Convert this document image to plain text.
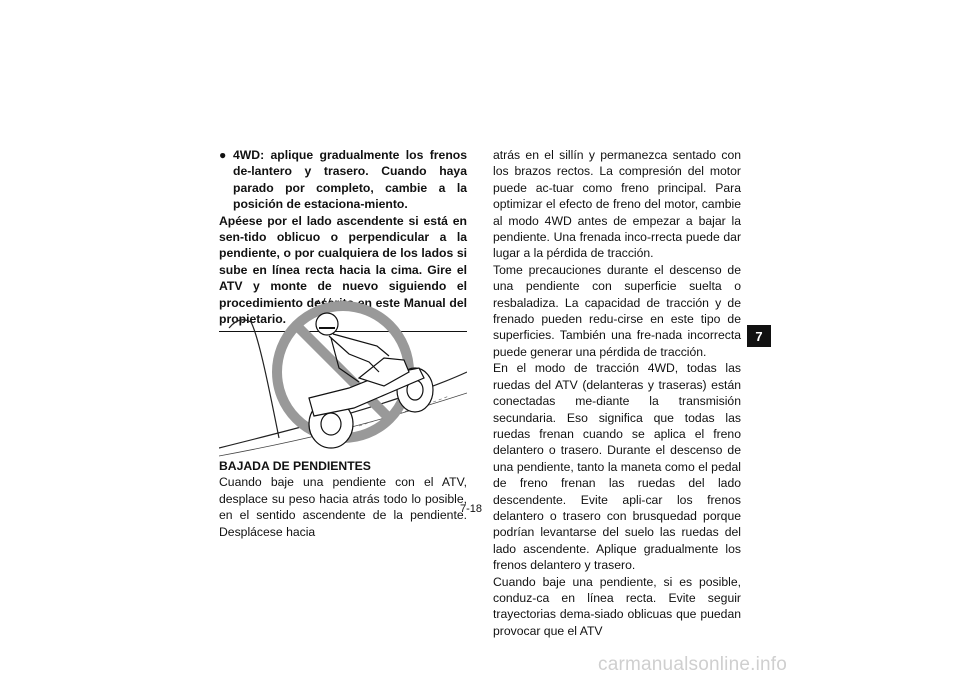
● 4WD: aplique gradualmente los frenos de-lantero y trasero. Cuando haya parado por completo, cambie a la posición de estaciona-miento.

Apéese por el lado ascendente si está en sen-tido oblicuo o perpendicular a la pendiente, o por cualquiera de los lados si sube en línea recta hacia la cima. Gire el ATV y monte de nuevo siguiendo el procedimiento descrito en este Manual del propietario.

BAJADA DE PENDIENTES

Cuando baje una pendiente con el ATV, desplace su peso hacia atrás todo lo posible, en el sentido ascendente de la pendiente. Desplácese hacia

atrás en el sillín y permanezca sentado con los brazos rectos. La compresión del motor puede ac-tuar como freno principal. Para optimizar el efecto de freno del motor, cambie al modo 4WD antes de empezar a bajar la pendiente. Una frenada inco-rrecta puede dar lugar a la pérdida de tracción.

Tome precauciones durante el descenso de una pendiente con superficie suelta o resbaladiza. La capacidad de tracción y de frenado pueden redu-cirse en este tipo de superficies. También una fre-nada incorrecta puede generar una pérdida de tracción.

En el modo de tracción 4WD, todas las ruedas del ATV (delanteras y traseras) están conectadas me-diante la transmisión secundaria. Eso significa que todas las ruedas frenan cuando se aplica el freno delantero o trasero. Durante el descenso de una pendiente, tanto la maneta como el pedal de freno frenan las ruedas del lado descendente. Evite apli-car los frenos delantero o trasero con brusquedad porque podrían levantarse del suelo las ruedas del lado ascendente. Aplique gradualmente los frenos delantero y trasero.

Cuando baje una pendiente, si es posible, conduz-ca en línea recta. Evite seguir trayectorias dema-siado oblicuas que puedan provocar que el ATV

7
7-18
carmanualsonline.info
